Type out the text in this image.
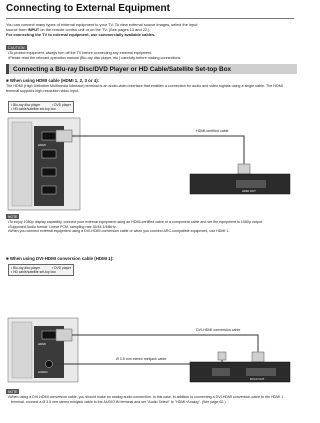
Connecting to External Equipment
You can connect many types of external equipment to your TV. To view external source images, select the input
source from INPUT on the remote control unit or on the TV. (See pages 13 and 22.)
For connecting the TV to external equipment, use commercially available cables.
CAUTION
• To protect equipment, always turn off the TV before connecting any external equipment.
• Please read the relevant operation manual (Blu-ray disc player, etc.) carefully before making connections.
Connecting a Blu-ray Disc/DVD Player or HD Cable/Satellite Set-top Box
■ When using HDMI cable (HDMI 1, 2, 3 or 4):
The HDMI (High Definition Multimedia Interface) terminal is an audio-video interface that enables a connection for audio and video signals using a single cable. The HDMI terminal supports high-resolution video input.
• Blu-ray disc player	• DVD player
• HD cable/satellite set-top box
HDMI-certified cable
HDMI
HDMI OUT
NOTE
• To enjoy 1080p display capability, connect your external equipment using an HDMI-certified cable or a component cable and set the equipment to 1080p output.
• Supported Audio format: Linear PCM, sampling rate 32/44.1/48kHz.
• When you connect external equipment using a DVI-HDMI conversion cable or when you connect ARC-compatible equipment, use HDMI 1.
■ When using DVI-HDMI conversion cable (HDMI 1):
• Blu-ray disc player	• DVD player
• HD cable/satellite set-top box
DVI-HDMI conversion cable
Ø 3.5 mm stereo minijack cable
HDMI
AUDIO
DVI-D OUT
NOTE
• When using a DVI-HDMI conversion cable, you should make an analog audio connection. In this case, in addition to connecting a DVI-HDMI conversion cable to the HDMI 1 terminal, connect a Ø 3.5 mm stereo minijack cable to the AUDIO IN terminal and set "Audio Select" to "HDMI+Analog". (See page 62.)
